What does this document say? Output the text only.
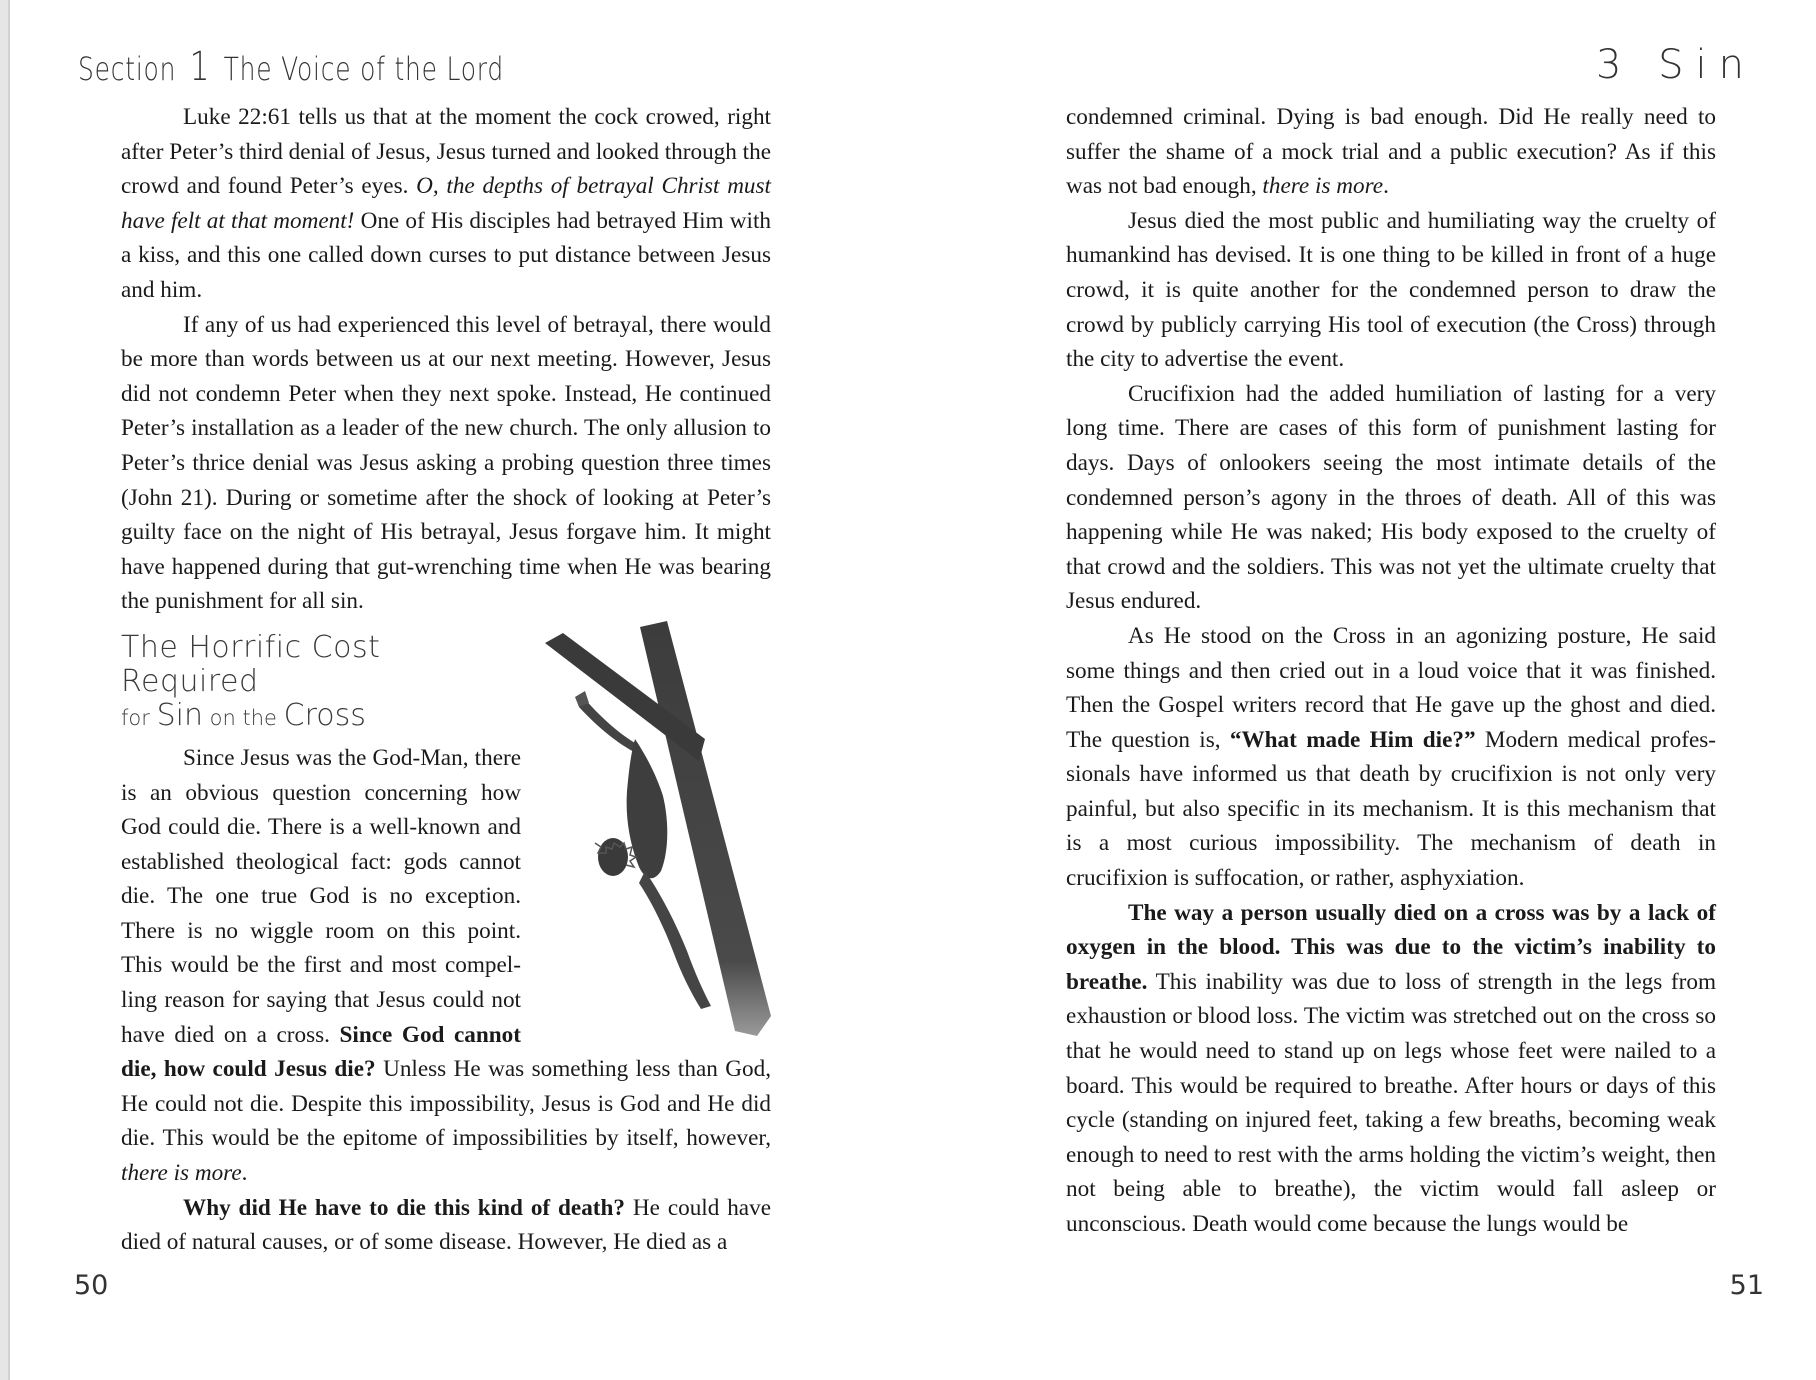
Section 1 The Voice of the Lord

Luke 22:61 tells us that at the moment the cock crowed, right after Peter’s third denial of Jesus, Jesus turned and looked through the crowd and found Peter’s eyes. O, the depths of betrayal Christ must have felt at that moment! One of His disciples had betrayed Him with a kiss, and this one called down curses to put distance between Jesus and him.

If any of us had experienced this level of betrayal, there would be more than words between us at our next meeting. However, Jesus did not condemn Peter when they next spoke. Instead, He continued Peter’s installation as a leader of the new church. The only allusion to Peter’s thrice denial was Jesus asking a probing question three times (John 21). During or sometime after the shock of looking at Peter’s guilty face on the night of His betrayal, Jesus forgave him. It might have happened during that gut-wrenching time when He was bearing the punishment for all sin.

The Horrific Cost Required
for Sin on the Cross

Since Jesus was the God-Man, there is an obvious question concerning how God could die. There is a well-known and established theological fact: gods cannot die. The one true God is no exception. There is no wiggle room on this point. This would be the first and most compelling reason for saying that Jesus could not have died on a cross. Since God cannot die, how could Jesus die? Unless He was something less than God, He could not die. Despite this impossibility, Jesus is God and He did die. This would be the epitome of impossibilities by itself, however, there is more.

Why did He have to die this kind of death? He could have died of natural causes, or of some disease. However, He died as a

50
3 Sin

condemned criminal. Dying is bad enough. Did He really need to suffer the shame of a mock trial and a public execution? As if this was not bad enough, there is more.

Jesus died the most public and humiliating way the cruelty of humankind has devised. It is one thing to be killed in front of a huge crowd, it is quite another for the condemned person to draw the crowd by publicly carrying His tool of execution (the Cross) through the city to advertise the event.

Crucifixion had the added humiliation of lasting for a very long time. There are cases of this form of punishment lasting for days. Days of onlookers seeing the most intimate details of the condemned person’s agony in the throes of death. All of this was happening while He was naked; His body exposed to the cruelty of that crowd and the soldiers. This was not yet the ultimate cruelty that Jesus endured.

As He stood on the Cross in an agonizing posture, He said some things and then cried out in a loud voice that it was finished. Then the Gospel writers record that He gave up the ghost and died. The question is, “What made Him die?” Modern medical professionals have informed us that death by crucifixion is not only very painful, but also specific in its mechanism. It is this mechanism that is a most curious impossibility. The mechanism of death in crucifixion is suffocation, or rather, asphyxiation.

The way a person usually died on a cross was by a lack of oxygen in the blood. This was due to the victim’s inability to breathe. This inability was due to loss of strength in the legs from exhaustion or blood loss. The victim was stretched out on the cross so that he would need to stand up on legs whose feet were nailed to a board. This would be required to breathe. After hours or days of this cycle (standing on injured feet, taking a few breaths, becoming weak enough to need to rest with the arms holding the victim’s weight, then not being able to breathe), the victim would fall asleep or unconscious. Death would come because the lungs would be

51
